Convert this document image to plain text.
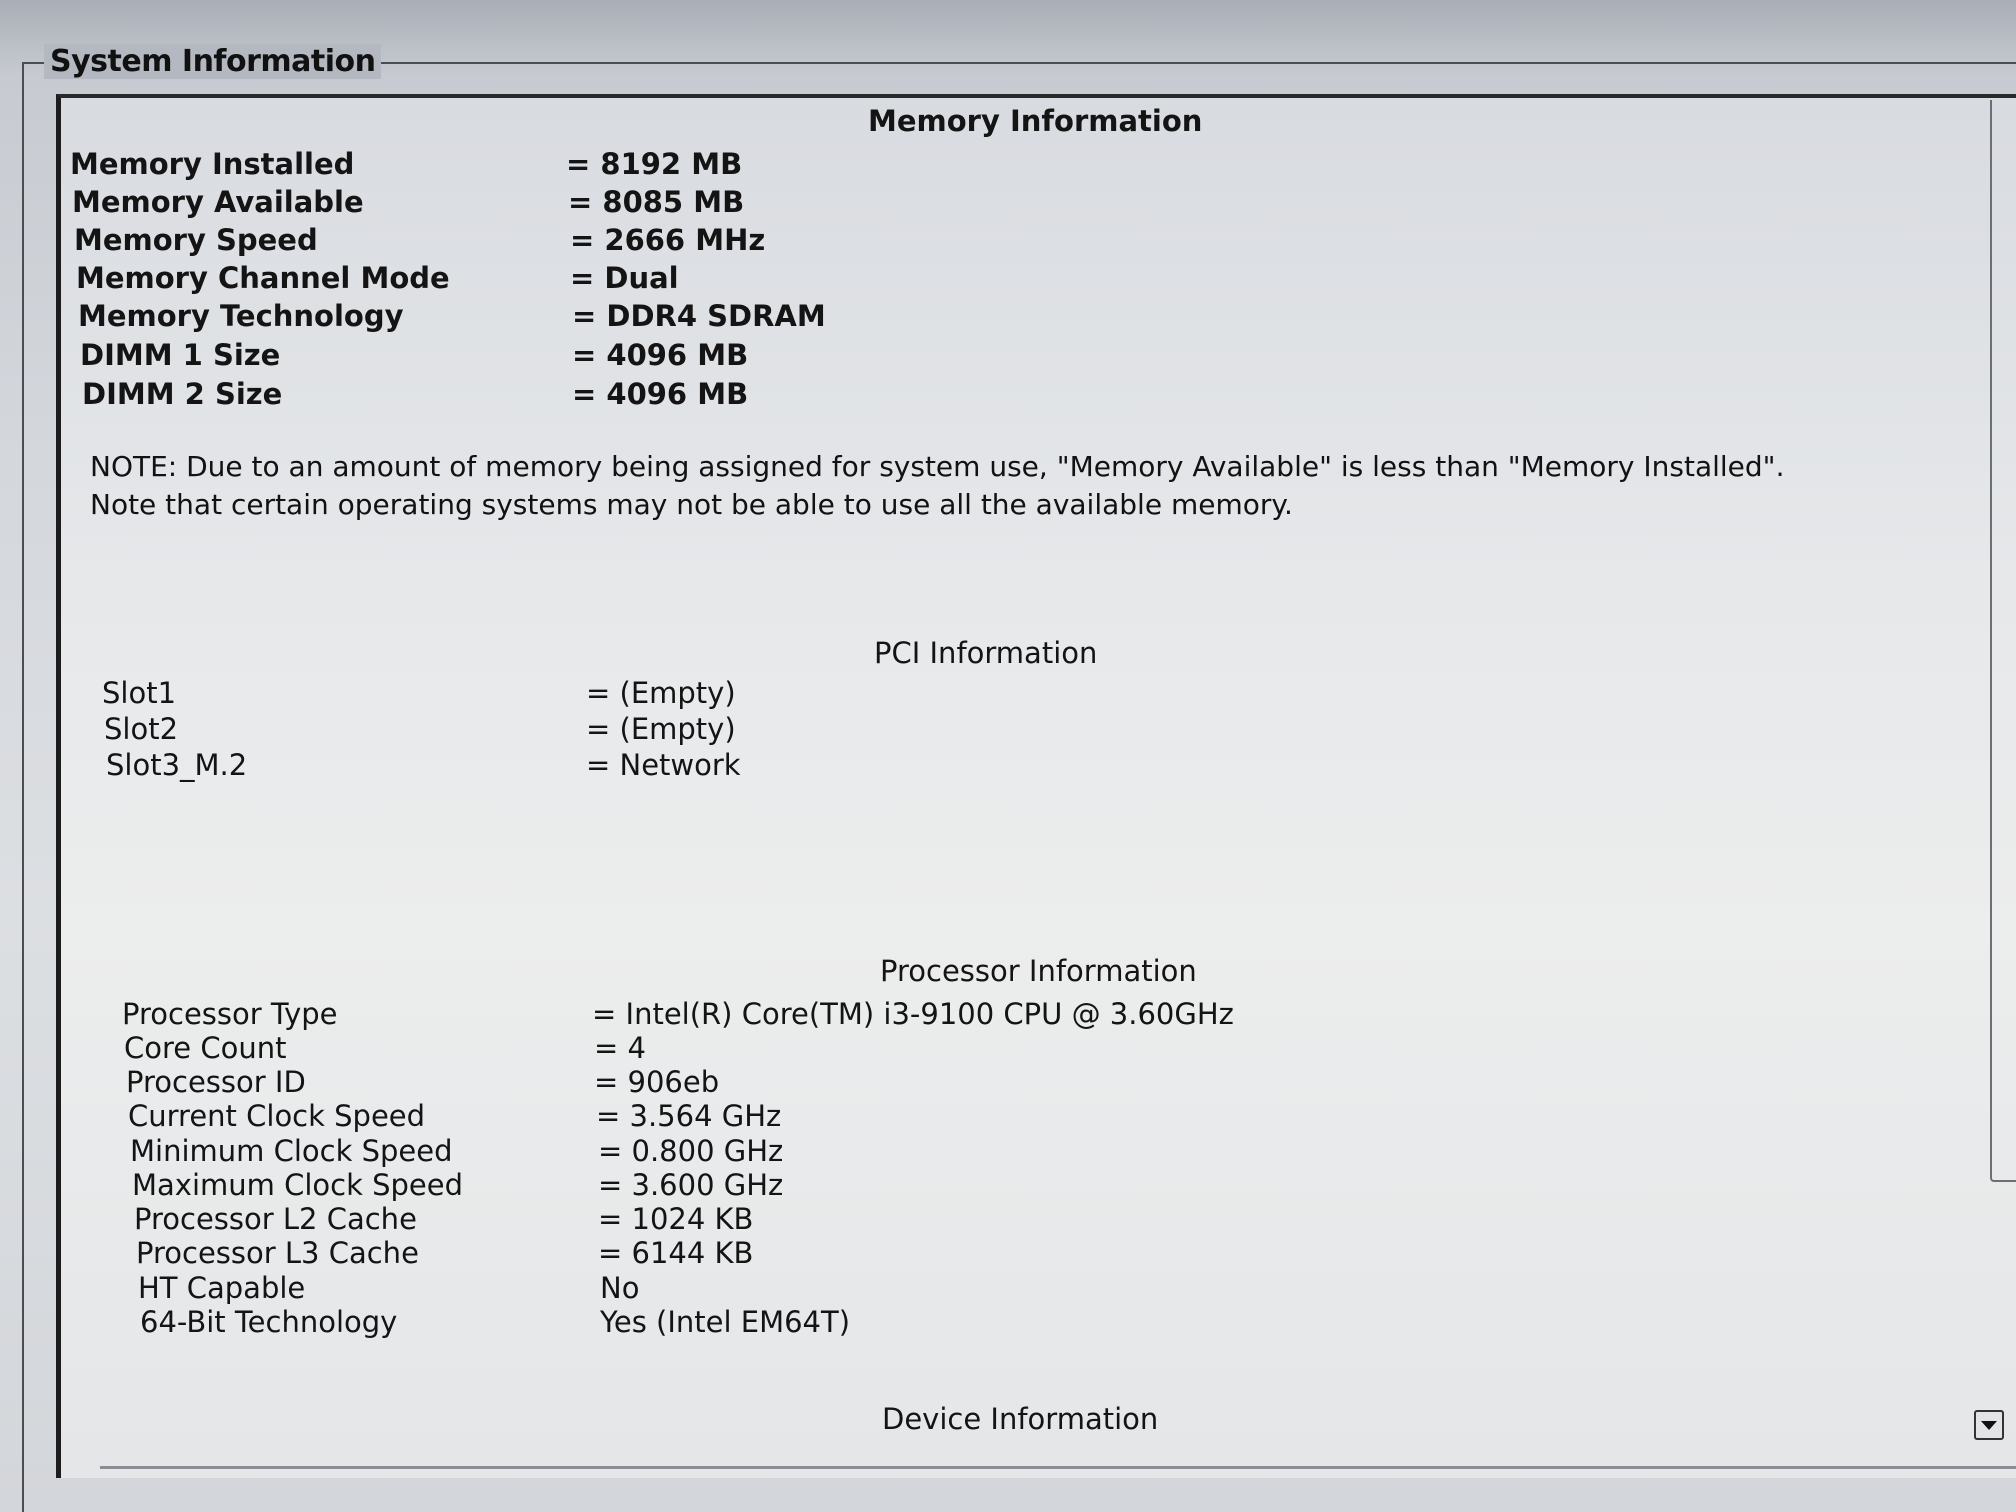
System Information
Memory Information
Memory Installed	= 8192 MB
Memory Available	= 8085 MB
Memory Speed	= 2666 MHz
Memory Channel Mode	= Dual
Memory Technology	= DDR4 SDRAM
DIMM 1 Size	= 4096 MB
DIMM 2 Size	= 4096 MB
NOTE: Due to an amount of memory being assigned for system use, "Memory Available" is less than "Memory Installed". Note that certain operating systems may not be able to use all the available memory.
PCI Information
Slot1	= (Empty)
Slot2	= (Empty)
Slot3_M.2	= Network
Processor Information
Processor Type	= Intel(R) Core(TM) i3-9100 CPU @ 3.60GHz
Core Count	= 4
Processor ID	= 906eb
Current Clock Speed	= 3.564 GHz
Minimum Clock Speed	= 0.800 GHz
Maximum Clock Speed	= 3.600 GHz
Processor L2 Cache	= 1024 KB
Processor L3 Cache	= 6144 KB
HT Capable	No
64-Bit Technology	Yes (Intel EM64T)
Device Information
